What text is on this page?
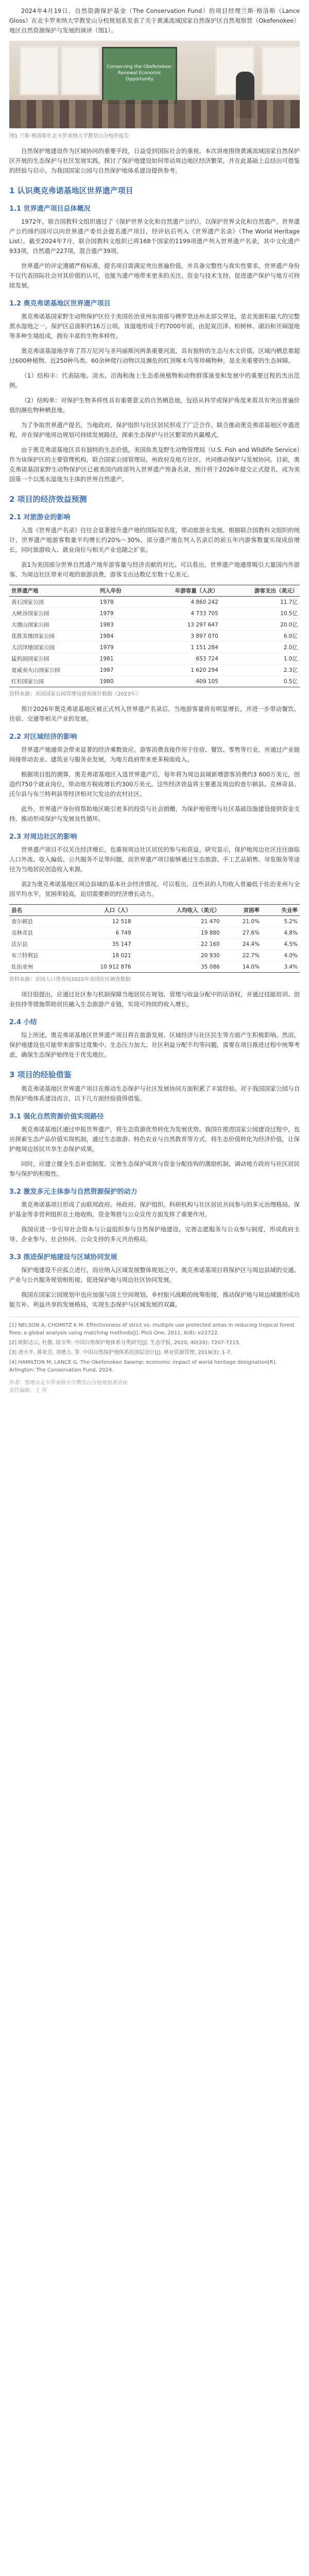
2024年4月19日，自然资源保护基金（The Conservation Fund）的项目经理兰斯·格洛斯（Lance Gloss）在北卡罗来纳大学教堂山分校规划系发表了关于黄溪流域国家自然保护区自然观察营（Okefenokee）地区自然资源保护与发展的演讲（图1）。

Conserving the Okefenokee: Renewal Economic Opportunity
图1 兰斯·格洛斯在北卡罗来纳大学教堂山分校作报告

自然保护地建设作为区域协同的重要手段，日益受到国际社会的重视。本次讲座围绕黄溪流域国家自然保护区开展的生态保护与社区发展实践，探讨了保护地建设如何带动周边地区经济繁荣，并在此基础上总结出可借鉴的经验与启示，为我国国家公园与自然保护地体系建设提供参考。

1 认识奥克弗诺基地区世界遗产项目
1.1 世界遗产项目总体概况

1972年，联合国教科文组织通过了《保护世界文化和自然遗产公约》，以保护世界文化和自然遗产。世界遗产公约缔约国可以向世界遗产委员会提名遗产项目，经评估后列入《世界遗产名录》（The World Heritage List）。截至2024年7月，联合国教科文组织已将168个国家的1199项遗产列入世界遗产名录，其中文化遗产933项，自然遗产227项，混合遗产39项。

世界遗产的评定遵循严格标准，提名项目需满足突出普遍价值，并具备完整性与真实性要求。世界遗产身份不仅代表国际社会对其价值的认可，也能为遗产地带来更多的关注、资金与技术支持，促进遗产保护与地方可持续发展。

1.2 奥克弗诺基地区世界遗产项目

奥克弗诺基国家野生动物保护区位于美国佐治亚州东南部与佛罗里达州北部交界处，是北美面积最大的完整黑水湿地之一，保护区总面积约16万公顷。该湿地形成于约7000年前，由泥炭沼泽、柏树林、湖泊和开阔湿地等多种生境组成，拥有丰富的生物多样性。

奥克弗诺基湿地孕育了苏万尼河与圣玛丽斯河两条重要河流，具有独特的生态与水文价值。区域内栖息着超过600种植物、近250种鸟类、60余种爬行动物以及濒危的红顶啄木鸟等珍稀物种，是北美重要的生态屏障。

（1）结构丰：代表陆地、淡水、沿海和海上生态系统植物和动物群落演变和发展中的重要过程的杰出范例。

（2）结构单：对保护生物多样性具有重要意义的自然栖息地，包括从科学或保护角度来看具有突出普遍价值的濒危物种栖息地。

为了争取世界遗产提名，当地政府、保护组织与社区居民形成了广泛合作，联合推动奥克弗诺基地区申遗进程，并在保护地周边规划可持续发展路径，探索生态保护与社区繁荣的共赢模式。

由于奥克弗诺基地区具有独特的生态价值，美国鱼类及野生动物管理局（U.S. Fish and Wildlife Service）作为该保护区的主要管理机构，联合国家公园管理局、州政府及地方社区，共同推动保护与发展协同。目前，奥克弗诺基国家野生动物保护区已被美国内政部列入世界遗产预备名录，预计将于2026年提交正式提名，成为美国第一个以黑水湿地为主体的世界自然遗产。

2 项目的经济效益预测
2.1 对旅游业的影响

入选《世界遗产名录》往往会显著提升遗产地的国际知名度，带动旅游业发展。根据联合国教科文组织的统计，世界遗产地游客数量平均增长约20%～30%，部分遗产地在列入名录后的前五年内游客数量实现成倍增长，同时旅游收入、就业岗位与相关产业也随之扩张。

表1为美国部分世界自然遗产地年游客量与经济贡献的对比。可以看出，世界遗产地通常吸引大量国内外游客，为周边社区带来可观的旅游消费，游客支出达数亿至数十亿美元。

世界遗产地	列入年份	年游客量（人次）	游客支出（美元）
黄石国家公园	1978	4 860 242	11.7亿
大峡谷国家公园	1979	4 733 705	10.5亿
大烟山国家公园	1983	13 297 647	20.0亿
优胜美地国家公园	1984	3 897 070	6.0亿
大沼泽地国家公园	1979	1 151 284	2.0亿
猛犸洞国家公园	1981	653 724	1.0亿
夏威夷火山国家公园	1987	1 620 294	2.3亿
红杉国家公园	1980	409 105	0.5亿
资料来源：美国国家公园管理局游客统计数据（2023年）

预计2026年奥克弗诺基地区被正式列入世界遗产名录后，当地游客量将有明显增长，并进一步带动餐饮、住宿、交通等相关产业的发展。

2.2 对区域经济的影响

世界遗产地通常会带来显著的经济乘数效应。游客消费直接作用于住宿、餐饮、零售等行业，并通过产业链间接带动农业、建筑业与服务业发展，为地方政府带来更多税收收入。

根据项目组的测算，奥克弗诺基地区入选世界遗产后，每年将为周边县域新增游客消费约3 600万美元，创造约750个就业岗位，带动地方税收增长约300万美元。这些经济效益将主要惠及周边的查尔顿县、克林奇县、沃尔县与布兰特利县等经济相对欠发达的农村社区。

此外，世界遗产身份将帮助地区吸引更多的投资与社会捐赠，为保护地管理与社区基础设施建设提供资金支持，推动形成保护与发展良性循环。

2.3 对周边社区的影响

世界遗产项目不仅关注经济增长，也重视周边社区居民的参与和获益。研究显示，保护地周边社区往往面临人口外流、收入偏低、公共服务不足等问题，而世界遗产项目能够通过生态旅游、手工艺品销售、导览服务等途径为当地居民创造收入来源。

表2为奥克弗诺基地区周边县域的基本社会经济情况。可以看出，这些县的人均收入普遍低于佐治亚州与全国平均水平，贫困率较高，迫切需要新的经济增长动力。

县名	人口（人）	人均收入（美元）	贫困率	失业率
查尔顿县	12 518	21 470	21.0%	5.2%
克林奇县	6 749	19 880	27.6%	4.8%
沃尔县	35 147	22 160	24.4%	4.5%
布兰特利县	18 021	20 930	22.7%	4.0%
佐治亚州	10 912 876	35 086	14.0%	3.4%
资料来源：美国人口普查局2022年美国社区调查数据

项目组提出，应通过社区参与机制保障当地居民在规划、管理与收益分配中的话语权，并通过技能培训、创业扶持等措施帮助居民融入生态旅游产业链，实现可持续的收入增长。

2.4 小结

综上所述，奥克弗诺基地区世界遗产项目将在旅游发展、区域经济与社区民生等方面产生积极影响。然而，保护地建设也可能带来游客过度集中、生态压力加大、社区利益分配不均等问题，需要在项目推进过程中统筹考虑，确保生态保护始终处于优先地位。

3 项目的经验借鉴

奥克弗诺基地区世界遗产项目在推动生态保护与社区发展协同方面积累了丰富经验。对于我国国家公园与自然保护地体系建设而言，以下几方面经验值得借鉴。

3.1 强化自然资源价值实现路径

奥克弗诺基地区通过申报世界遗产，将生态资源优势转化为发展优势。我国在推进国家公园建设过程中，也应探索生态产品价值实现机制，通过生态旅游、特色农业与自然教育等方式，将生态价值转化为经济价值，让保护地周边居民共享生态保护成果。

同时，应建立健全生态补偿制度，完善生态保护成效与资金分配挂钩的激励机制，调动地方政府与社区居民参与保护的积极性。

3.2 激发多元主体参与自然资源保护的动力

奥克弗诺基项目形成了由联邦政府、州政府、保护组织、科研机构与社区居民共同参与的多元治理格局。保护基金等非营利组织在土地收购、资金筹措与公众宣传方面发挥了重要作用。

我国应进一步引导社会资本与公益组织参与自然保护地建设，完善志愿服务与公众参与制度，形成政府主导、企业参与、社会协同、公众支持的多元共治格局。

3.3 推进保护地建设与区域协同发展

保护地建设不应孤立进行，而应纳入区域发展整体规划之中。奥克弗诺基项目将保护区与周边县域的交通、产业与公共服务规划相衔接，促进保护地与周边社区协同发展。

我国在国家公园规划中也应加强与国土空间规划、乡村振兴战略的统筹衔接，推动保护地与周边城镇形成功能互补、利益共享的发展格局，实现生态保护与区域发展的双赢。

[1] NELSON A, CHOMITZ K M. Effectiveness of strict vs. multiple use protected areas in reducing tropical forest fires: a global analysis using matching methods[J]. PloS One, 2011, 6(8): e22722.
[2] 欧阳志云, 杜傲, 徐卫华. 中国自然保护地体系分类研究[J]. 生态学报, 2020, 40(20): 7207-7215.
[3] 唐小平, 蒋亚芳, 刘增力, 等. 中国自然保护地体系的顶层设计[J]. 林业资源管理, 2019(3): 1-7.
[4] HAMILTON M, LANCE G. The Okefenokee Swamp: economic impact of world heritage designation[R]. Arlington: The Conservation Fund, 2024.
作者：整理自北卡罗来纳大学教堂山分校规划系讲座
责任编辑：王 萍
